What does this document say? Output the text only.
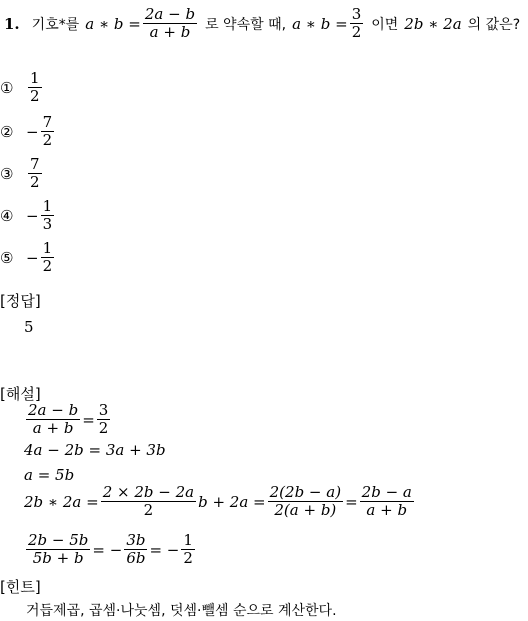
1. 기호*를 a ∗ $b = \frac{2a - b}{a + b}$ 로 약속할 때, a ∗ $b = \frac{3}{2}$ 이면 2b ∗ 2a 의 값은?
① $\frac{1}{2}$
② − $\frac{7}{2}$
③ $\frac{7}{2}$
④ − $\frac{1}{3}$
⑤ − $\frac{1}{2}$
[정답]
5
[해설]
$\frac{2a - b}{a + b} = \frac{3}{2}$
4a − 2b = 3a + 3b
a = 5b
2b ∗ $2a = \frac{2 \times 2b - 2a}{2}$ $b + 2a = \frac{2(2b - a)}{2(a + b)} = \frac{2b - a}{a + b}$
$\frac{2b - 5b}{5b + b}$ = − $\frac{3b}{6b}$ = − $\frac{1}{2}$
[힌트]
거듭제곱, 곱셈·나눗셈, 덧셈·뺄셈 순으로 계산한다.
